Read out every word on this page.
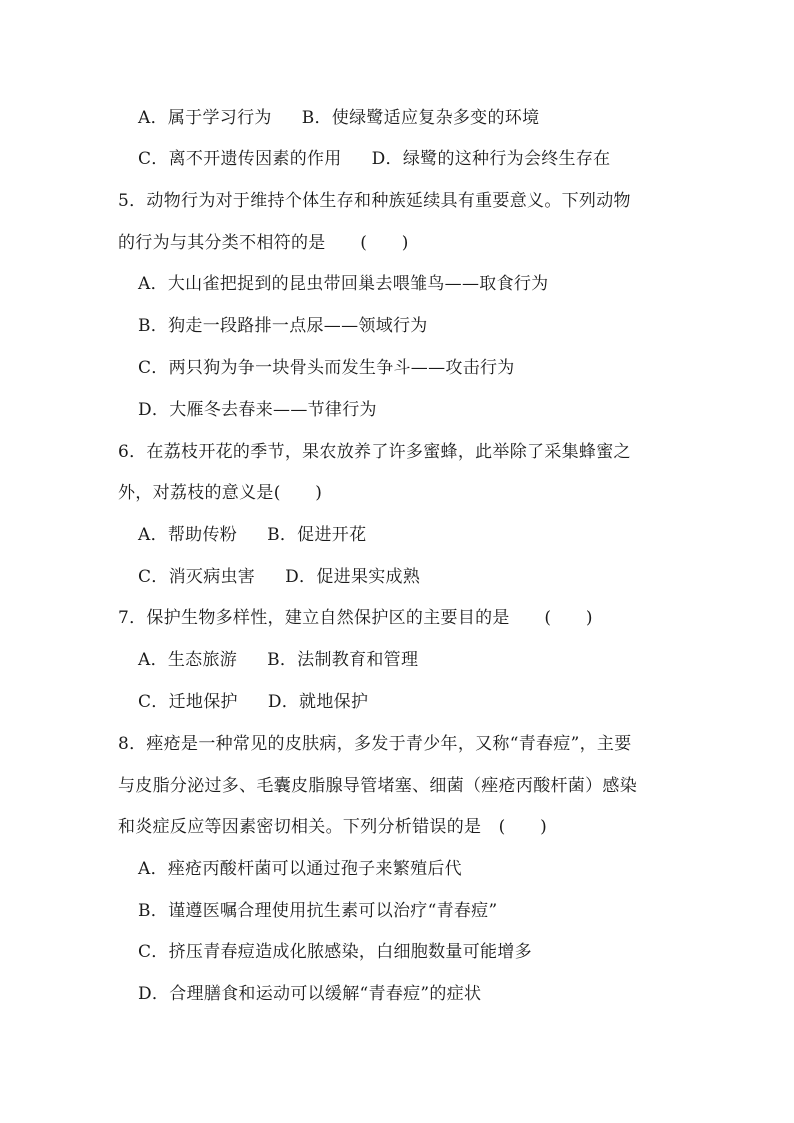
A．属于学习行为 B．使绿鹭适应复杂多变的环境
C．离不开遗传因素的作用 D．绿鹭的这种行为会终生存在
5．动物行为对于维持个体生存和种族延续具有重要意义。下列动物
的行为与其分类不相符的是　　(　　)
A．大山雀把捉到的昆虫带回巢去喂雏鸟——取食行为
B．狗走一段路排一点尿——领域行为
C．两只狗为争一块骨头而发生争斗——攻击行为
D．大雁冬去春来——节律行为
6．在荔枝开花的季节，果农放养了许多蜜蜂，此举除了采集蜂蜜之
外，对荔枝的意义是(　　)
A．帮助传粉 B．促进开花
C．消灭病虫害 D．促进果实成熟
7．保护生物多样性，建立自然保护区的主要目的是　　(　　)
A．生态旅游 B．法制教育和管理
C．迁地保护 D．就地保护
8．痤疮是一种常见的皮肤病，多发于青少年，又称“青春痘”，主要
与皮脂分泌过多、毛囊皮脂腺导管堵塞、细菌（痤疮丙酸杆菌）感染
和炎症反应等因素密切相关。下列分析错误的是　(　　)
A．痤疮丙酸杆菌可以通过孢子来繁殖后代
B．谨遵医嘱合理使用抗生素可以治疗“青春痘”
C．挤压青春痘造成化脓感染，白细胞数量可能增多
D．合理膳食和运动可以缓解“青春痘”的症状
